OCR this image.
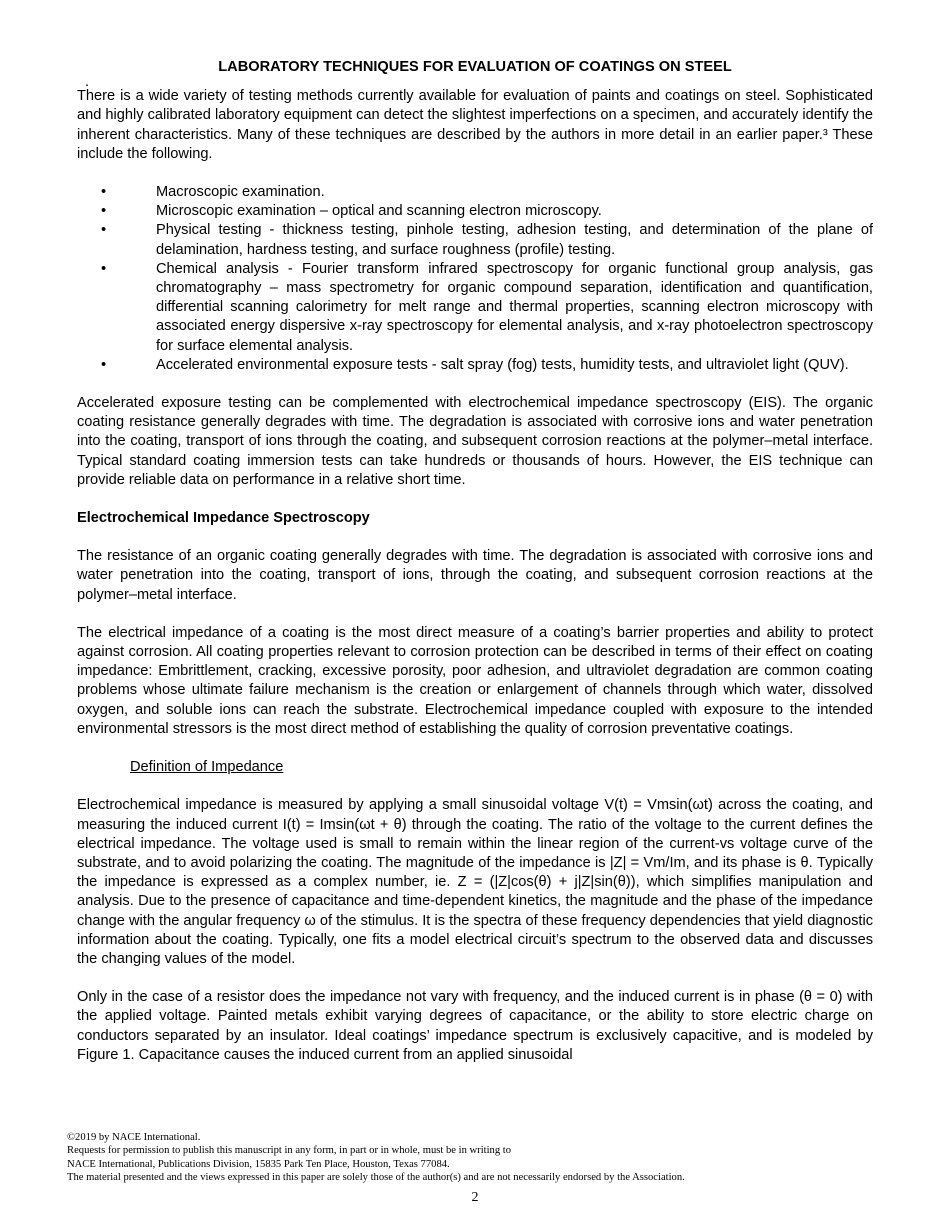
LABORATORY TECHNIQUES FOR EVALUATION OF COATINGS ON STEEL
.

There is a wide variety of testing methods currently available for evaluation of paints and coatings on steel. Sophisticated and highly calibrated laboratory equipment can detect the slightest imperfections on a specimen, and accurately identify the inherent characteristics. Many of these techniques are described by the authors in more detail in an earlier paper.³ These include the following.

•	Macroscopic examination.
•	Microscopic examination – optical and scanning electron microscopy.
•	Physical testing - thickness testing, pinhole testing, adhesion testing, and determination of the plane of delamination, hardness testing, and surface roughness (profile) testing.
•	Chemical analysis - Fourier transform infrared spectroscopy for organic functional group analysis, gas chromatography – mass spectrometry for organic compound separation, identification and quantification, differential scanning calorimetry for melt range and thermal properties, scanning electron microscopy with associated energy dispersive x-ray spectroscopy for elemental analysis, and x-ray photoelectron spectroscopy for surface elemental analysis.
•	Accelerated environmental exposure tests - salt spray (fog) tests, humidity tests, and ultraviolet light (QUV).

Accelerated exposure testing can be complemented with electrochemical impedance spectroscopy (EIS). The organic coating resistance generally degrades with time. The degradation is associated with corrosive ions and water penetration into the coating, transport of ions through the coating, and subsequent corrosion reactions at the polymer–metal interface. Typical standard coating immersion tests can take hundreds or thousands of hours. However, the EIS technique can provide reliable data on performance in a relative short time.

Electrochemical Impedance Spectroscopy

The resistance of an organic coating generally degrades with time. The degradation is associated with corrosive ions and water penetration into the coating, transport of ions, through the coating, and subsequent corrosion reactions at the polymer–metal interface.

The electrical impedance of a coating is the most direct measure of a coating’s barrier properties and ability to protect against corrosion. All coating properties relevant to corrosion protection can be described in terms of their effect on coating impedance: Embrittlement, cracking, excessive porosity, poor adhesion, and ultraviolet degradation are common coating problems whose ultimate failure mechanism is the creation or enlargement of channels through which water, dissolved oxygen, and soluble ions can reach the substrate. Electrochemical impedance coupled with exposure to the intended environmental stressors is the most direct method of establishing the quality of corrosion preventative coatings.

Definition of Impedance

Electrochemical impedance is measured by applying a small sinusoidal voltage V(t) = Vmsin(ωt) across the coating, and measuring the induced current I(t) = Imsin(ωt + θ) through the coating. The ratio of the voltage to the current defines the electrical impedance. The voltage used is small to remain within the linear region of the current-vs voltage curve of the substrate, and to avoid polarizing the coating. The magnitude of the impedance is |Z| = Vm/Im, and its phase is θ. Typically the impedance is expressed as a complex number, ie. Z = (|Z|cos(θ) + j|Z|sin(θ)), which simplifies manipulation and analysis. Due to the presence of capacitance and time-dependent kinetics, the magnitude and the phase of the impedance change with the angular frequency ω of the stimulus. It is the spectra of these frequency dependencies that yield diagnostic information about the coating. Typically, one fits a model electrical circuit’s spectrum to the observed data and discusses the changing values of the model.

Only in the case of a resistor does the impedance not vary with frequency, and the induced current is in phase (θ = 0) with the applied voltage. Painted metals exhibit varying degrees of capacitance, or the ability to store electric charge on conductors separated by an insulator. Ideal coatings’ impedance spectrum is exclusively capacitive, and is modeled by Figure 1. Capacitance causes the induced current from an applied sinusoidal

©2019 by NACE International.
Requests for permission to publish this manuscript in any form, in part or in whole, must be in writing to
NACE International, Publications Division, 15835 Park Ten Place, Houston, Texas 77084.
The material presented and the views expressed in this paper are solely those of the author(s) and are not necessarily endorsed by the Association.
2
